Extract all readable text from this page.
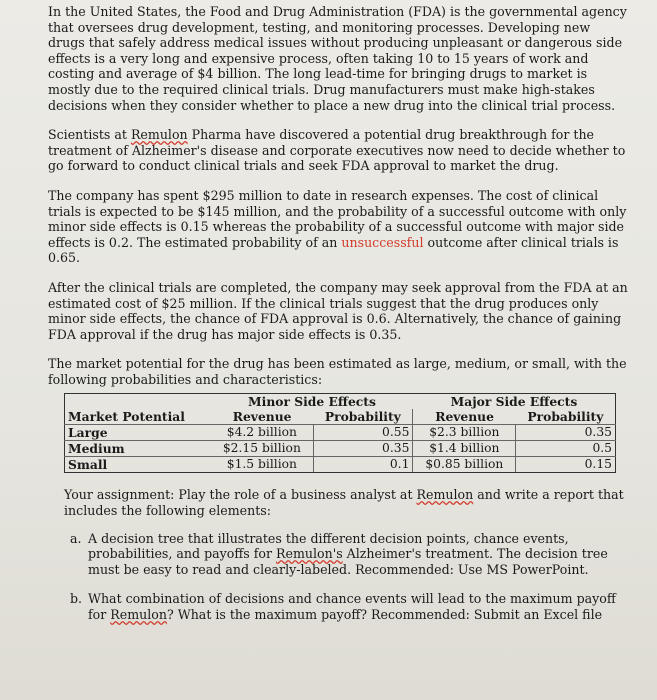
In the United States, the Food and Drug Administration (FDA) is the governmental agency that oversees drug development, testing, and monitoring processes. Developing new drugs that safely address medical issues without producing unpleasant or dangerous side effects is a very long and expensive process, often taking 10 to 15 years of work and costing and average of $4 billion. The long lead-time for bringing drugs to market is mostly due to the required clinical trials. Drug manufacturers must make high-stakes decisions when they consider whether to place a new drug into the clinical trial process.

Scientists at Remulon Pharma have discovered a potential drug breakthrough for the treatment of Alzheimer's disease and corporate executives now need to decide whether to go forward to conduct clinical trials and seek FDA approval to market the drug.

The company has spent $295 million to date in research expenses. The cost of clinical trials is expected to be $145 million, and the probability of a successful outcome with only minor side effects is 0.15 whereas the probability of a successful outcome with major side effects is 0.2. The estimated probability of an unsuccessful outcome after clinical trials is 0.65.

After the clinical trials are completed, the company may seek approval from the FDA at an estimated cost of $25 million. If the clinical trials suggest that the drug produces only minor side effects, the chance of FDA approval is 0.6. Alternatively, the chance of gaining FDA approval if the drug has major side effects is 0.35.

The market potential for the drug has been estimated as large, medium, or small, with the following probabilities and characteristics:

	Minor Side Effects		Major Side Effects	
Market Potential	Revenue	Probability	Revenue	Probability
Large	$4.2 billion	0.55	$2.3 billion	0.35
Medium	$2.15 billion	0.35	$1.4 billion	0.5
Small	$1.5 billion	0.1	$0.85 billion	0.15
Your assignment: Play the role of a business analyst at Remulon and write a report that includes the following elements:
a. A decision tree that illustrates the different decision points, chance events, probabilities, and payoffs for Remulon's Alzheimer's treatment. The decision tree must be easy to read and clearly-labeled. Recommended: Use MS PowerPoint.
b. What combination of decisions and chance events will lead to the maximum payoff for Remulon? What is the maximum payoff? Recommended: Submit an Excel file
